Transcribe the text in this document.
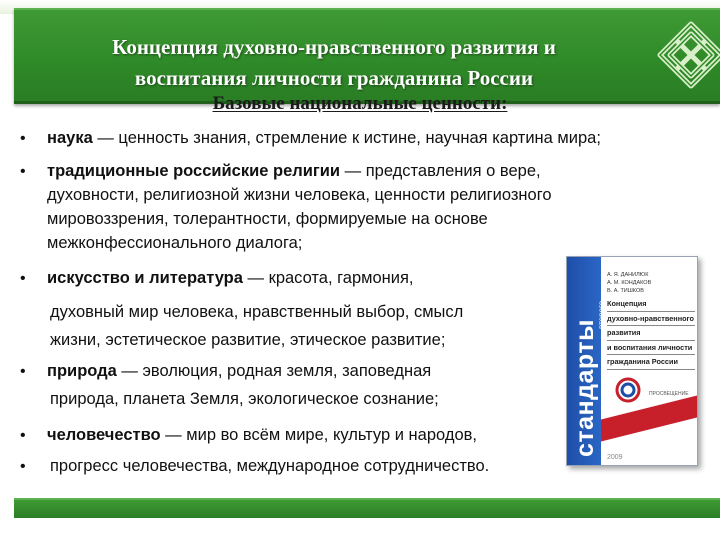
Концепция духовно-нравственного развития и
воспитания личности гражданина России
Базовые национальные ценности:
• наука — ценность знания, стремление к истине, научная картина мира;
• традиционные российские религии — представления о вере,
духовности, религиозной жизни человека, ценности религиозного
мировоззрения, толерантности, формируемые на основе
межконфессионального диалога;
• искусство и литература — красота, гармония,
духовный мир человека, нравственный выбор, смысл
жизни, эстетическое развитие, этическое развитие;
• природа — эволюция, родная земля, заповедная
природа, планета Земля, экологическое сознание;
• человечество — мир во всём мире, культур и народов,
• прогресс человечества, международное сотрудничество.
стандарты
второго поколения
А. Я. ДАНИЛЮК
А. М. КОНДАКОВ
В. А. ТИШКОВ
Концепция
духовно-нравственного
развития
и воспитания личности
гражданина России
ПРОСВЕЩЕНИЕ
2009
